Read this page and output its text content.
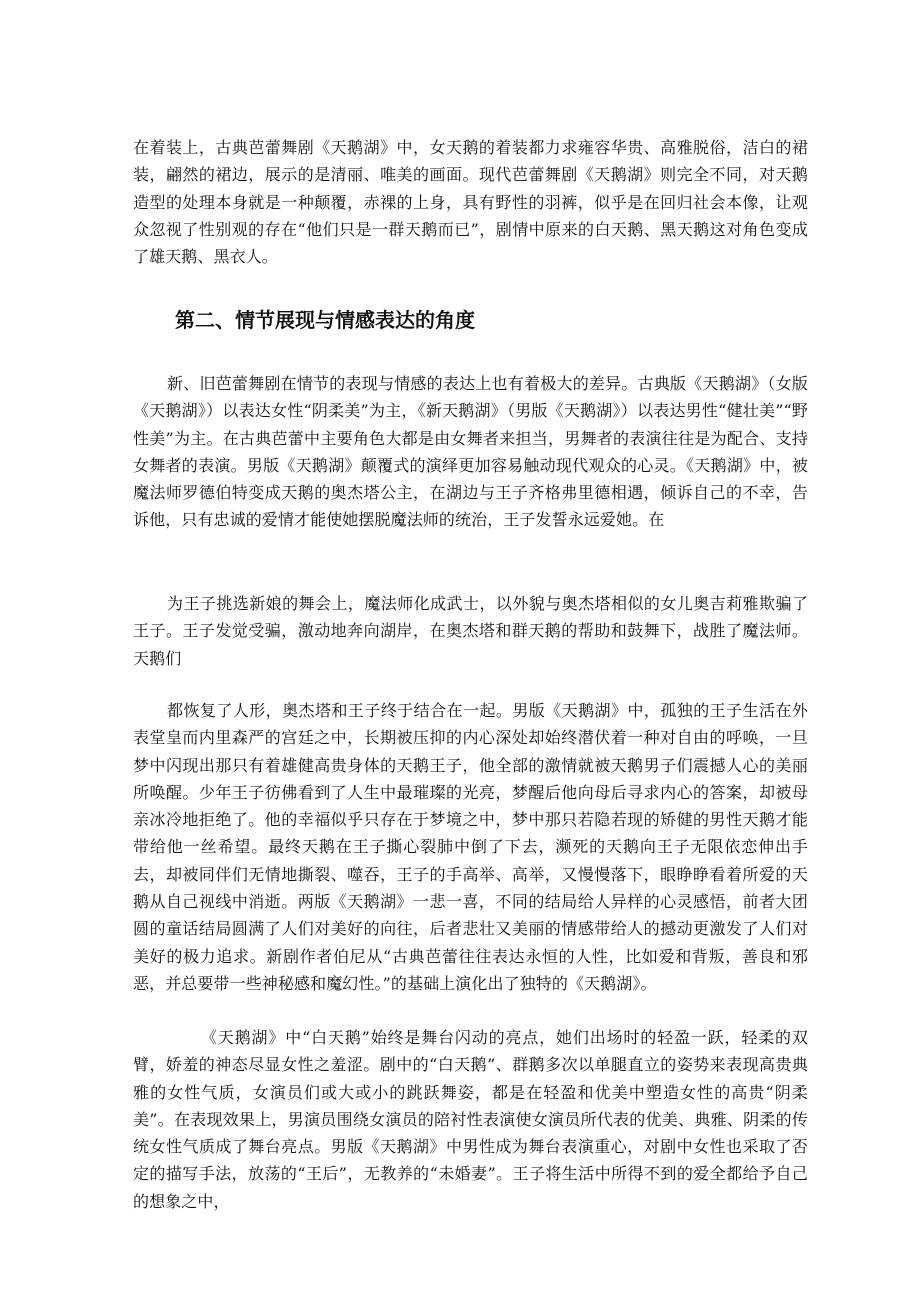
在着装上，古典芭蕾舞剧《天鹅湖》中，女天鹅的着装都力求雍容华贵、高雅脱俗，洁白的裙装，翩然的裙边，展示的是清丽、唯美的画面。现代芭蕾舞剧《天鹅湖》则完全不同，对天鹅造型的处理本身就是一种颠覆，赤裸的上身，具有野性的羽裤，似乎是在回归社会本像，让观众忽视了性别观的存在“他们只是一群天鹅而已”，剧情中原来的白天鹅、黑天鹅这对角色变成了雄天鹅、黑衣人。

第二、情节展现与情感表达的角度

新、旧芭蕾舞剧在情节的表现与情感的表达上也有着极大的差异。古典版《天鹅湖》（女版《天鹅湖》）以表达女性“阴柔美”为主，《新天鹅湖》（男版《天鹅湖》）以表达男性“健壮美”“野性美”为主。在古典芭蕾中主要角色大都是由女舞者来担当，男舞者的表演往往是为配合、支持女舞者的表演。男版《天鹅湖》颠覆式的演绎更加容易触动现代观众的心灵。《天鹅湖》中，被魔法师罗德伯特变成天鹅的奥杰塔公主，在湖边与王子齐格弗里德相遇，倾诉自己的不幸，告诉他，只有忠诚的爱情才能使她摆脱魔法师的统治，王子发誓永远爱她。在

为王子挑选新娘的舞会上，魔法师化成武士，以外貌与奥杰塔相似的女儿奥吉莉雅欺骗了王子。王子发觉受骗，激动地奔向湖岸，在奥杰塔和群天鹅的帮助和鼓舞下，战胜了魔法师。天鹅们

都恢复了人形，奥杰塔和王子终于结合在一起。男版《天鹅湖》中，孤独的王子生活在外表堂皇而内里森严的宫廷之中，长期被压抑的内心深处却始终潜伏着一种对自由的呼唤，一旦梦中闪现出那只有着雄健高贵身体的天鹅王子，他全部的激情就被天鹅男子们震撼人心的美丽所唤醒。少年王子彷佛看到了人生中最璀璨的光亮，梦醒后他向母后寻求内心的答案，却被母亲冰冷地拒绝了。他的幸福似乎只存在于梦境之中，梦中那只若隐若现的矫健的男性天鹅才能带给他一丝希望。最终天鹅在王子撕心裂肺中倒了下去，濒死的天鹅向王子无限依恋伸出手去，却被同伴们无情地撕裂、噬吞，王子的手高举、高举，又慢慢落下，眼睁睁看着所爱的天鹅从自己视线中消逝。两版《天鹅湖》一悲一喜，不同的结局给人异样的心灵感悟，前者大团圆的童话结局圆满了人们对美好的向往，后者悲壮又美丽的情感带给人的撼动更激发了人们对美好的极力追求。新剧作者伯尼从“古典芭蕾往往表达永恒的人性，比如爱和背叛，善良和邪恶，并总要带一些神秘感和魔幻性。”的基础上演化出了独特的《天鹅湖》。

《天鹅湖》中“白天鹅”始终是舞台闪动的亮点，她们出场时的轻盈一跃，轻柔的双臂，娇羞的神态尽显女性之羞涩。剧中的“白天鹅”、群鹅多次以单腿直立的姿势来表现高贵典雅的女性气质，女演员们或大或小的跳跃舞姿，都是在轻盈和优美中塑造女性的高贵“阴柔美”。在表现效果上，男演员围绕女演员的陪衬性表演使女演员所代表的优美、典雅、阴柔的传统女性气质成了舞台亮点。男版《天鹅湖》中男性成为舞台表演重心，对剧中女性也采取了否定的描写手法，放荡的“王后”，无教养的“未婚妻”。王子将生活中所得不到的爱全都给予自己的想象之中，
